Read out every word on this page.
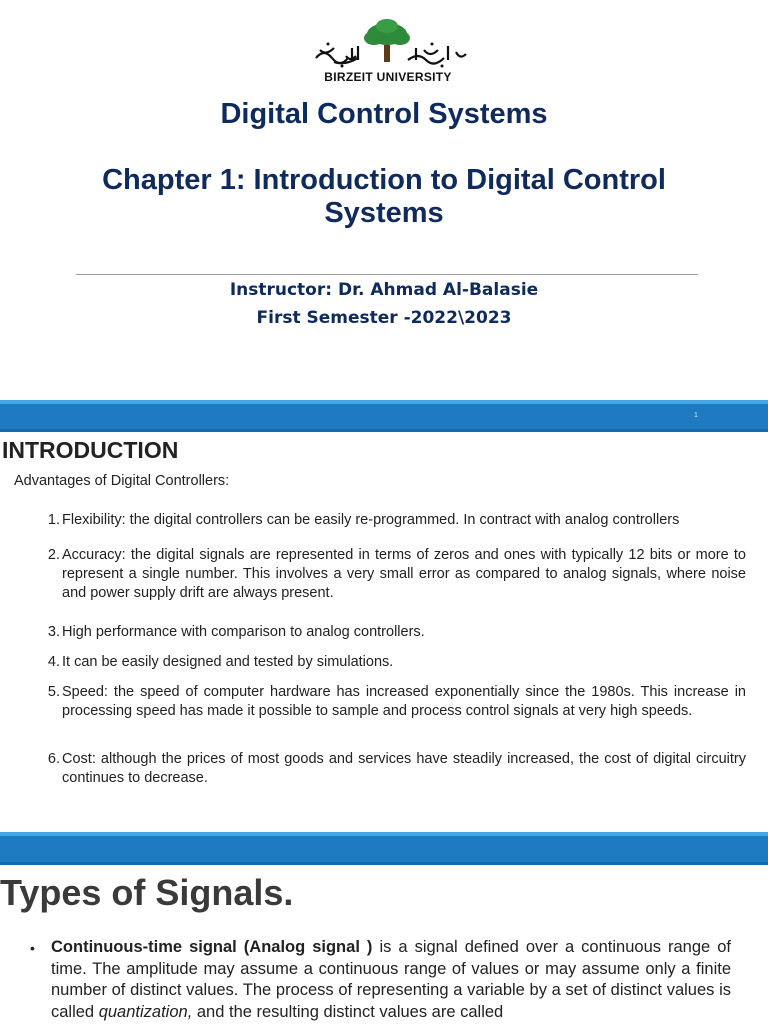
BIRZEIT UNIVERSITY
Digital Control Systems
Chapter 1: Introduction to Digital Control Systems
Instructor: Dr. Ahmad Al-Balasie
First Semester -2022\2023
1
INTRODUCTION
Advantages of Digital Controllers:
1. Flexibility: the digital controllers can be easily re-programmed. In contract with analog controllers
2. Accuracy: the digital signals are represented in terms of zeros and ones with typically 12 bits or more to represent a single number. This involves a very small error as compared to analog signals, where noise and power supply drift are always present.
3. High performance with comparison to analog controllers.
4. It can be easily designed and tested by simulations.
5. Speed: the speed of computer hardware has increased exponentially since the 1980s. This increase in processing speed has made it possible to sample and process control signals at very high speeds.
6. Cost: although the prices of most goods and services have steadily increased, the cost of digital circuitry continues to decrease.
Types of Signals.
• Continuous-time signal (Analog signal ) is a signal defined over a continuous range of time. The amplitude may assume a continuous range of values or may assume only a finite number of distinct values. The process of representing a variable by a set of distinct values is called quantization, and the resulting distinct values are called
